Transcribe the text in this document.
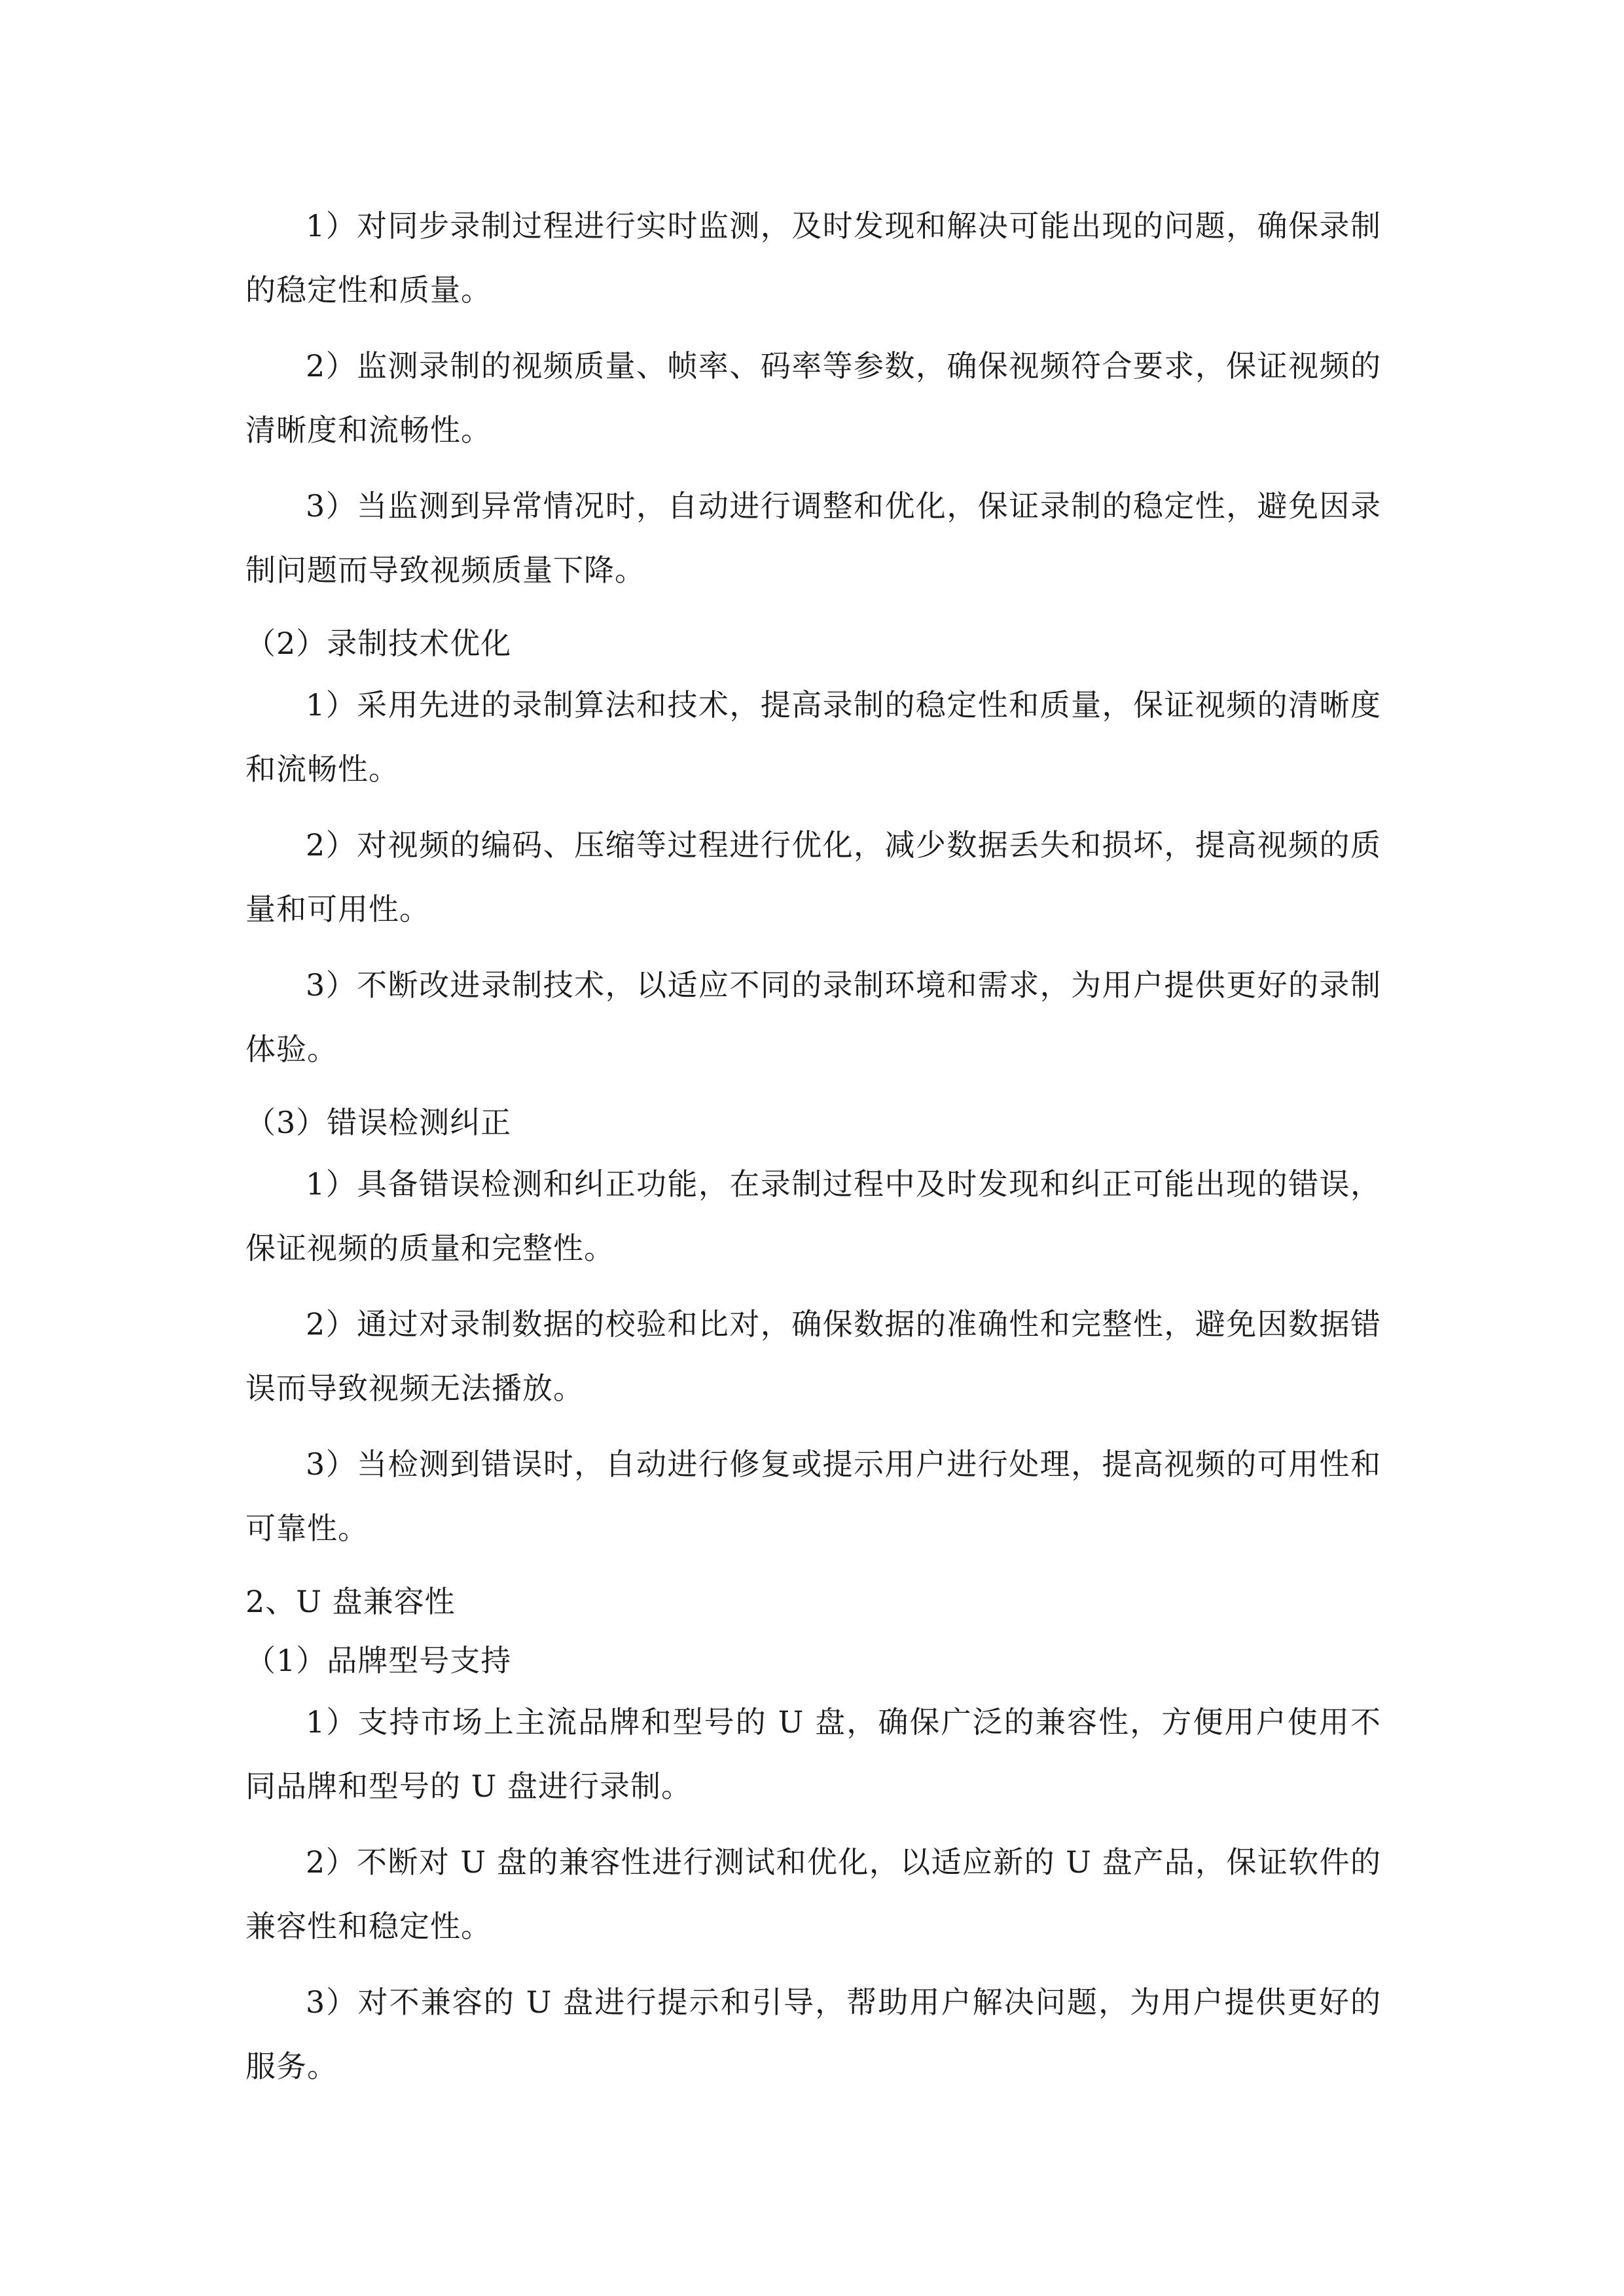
1）对同步录制过程进行实时监测，及时发现和解决可能出现的问题，确保录制的稳定性和质量。

2）监测录制的视频质量、帧率、码率等参数，确保视频符合要求，保证视频的清晰度和流畅性。

3）当监测到异常情况时，自动进行调整和优化，保证录制的稳定性，避免因录制问题而导致视频质量下降。

（2）录制技术优化

1）采用先进的录制算法和技术，提高录制的稳定性和质量，保证视频的清晰度和流畅性。

2）对视频的编码、压缩等过程进行优化，减少数据丢失和损坏，提高视频的质量和可用性。

3）不断改进录制技术，以适应不同的录制环境和需求，为用户提供更好的录制体验。

（3）错误检测纠正

1）具备错误检测和纠正功能，在录制过程中及时发现和纠正可能出现的错误，保证视频的质量和完整性。

2）通过对录制数据的校验和比对，确保数据的准确性和完整性，避免因数据错误而导致视频无法播放。

3）当检测到错误时，自动进行修复或提示用户进行处理，提高视频的可用性和可靠性。

2、U 盘兼容性

（1）品牌型号支持

1）支持市场上主流品牌和型号的 U 盘，确保广泛的兼容性，方便用户使用不同品牌和型号的 U 盘进行录制。

2）不断对 U 盘的兼容性进行测试和优化，以适应新的 U 盘产品，保证软件的兼容性和稳定性。

3）对不兼容的 U 盘进行提示和引导，帮助用户解决问题，为用户提供更好的服务。
